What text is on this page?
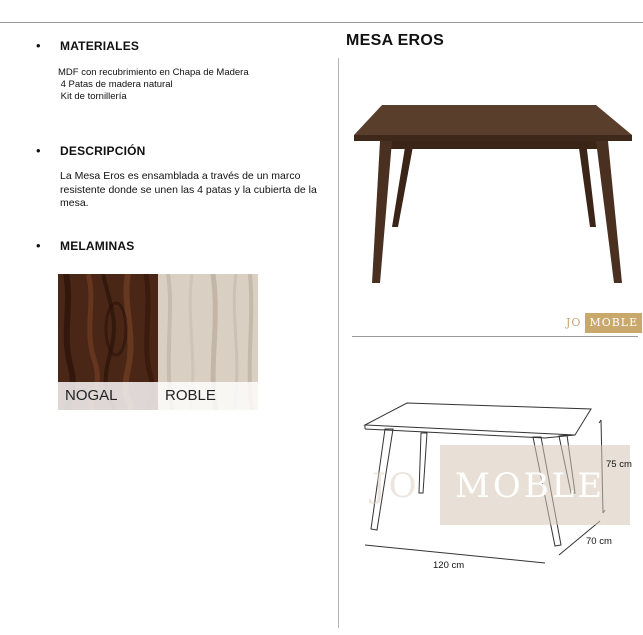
• MATERIALES
MDF con recubrimiento en Chapa de Madera
4 Patas de madera natural
Kit de tornillería
• DESCRIPCIÓN
La Mesa Eros es ensamblada a través de un marco resistente donde se unen las 4 patas y la cubierta de la mesa.
• MELAMINAS
NOGAL	ROBLE
MESA EROS
JO MOBLE
JO MOBLE
75 cm
70 cm
120 cm
